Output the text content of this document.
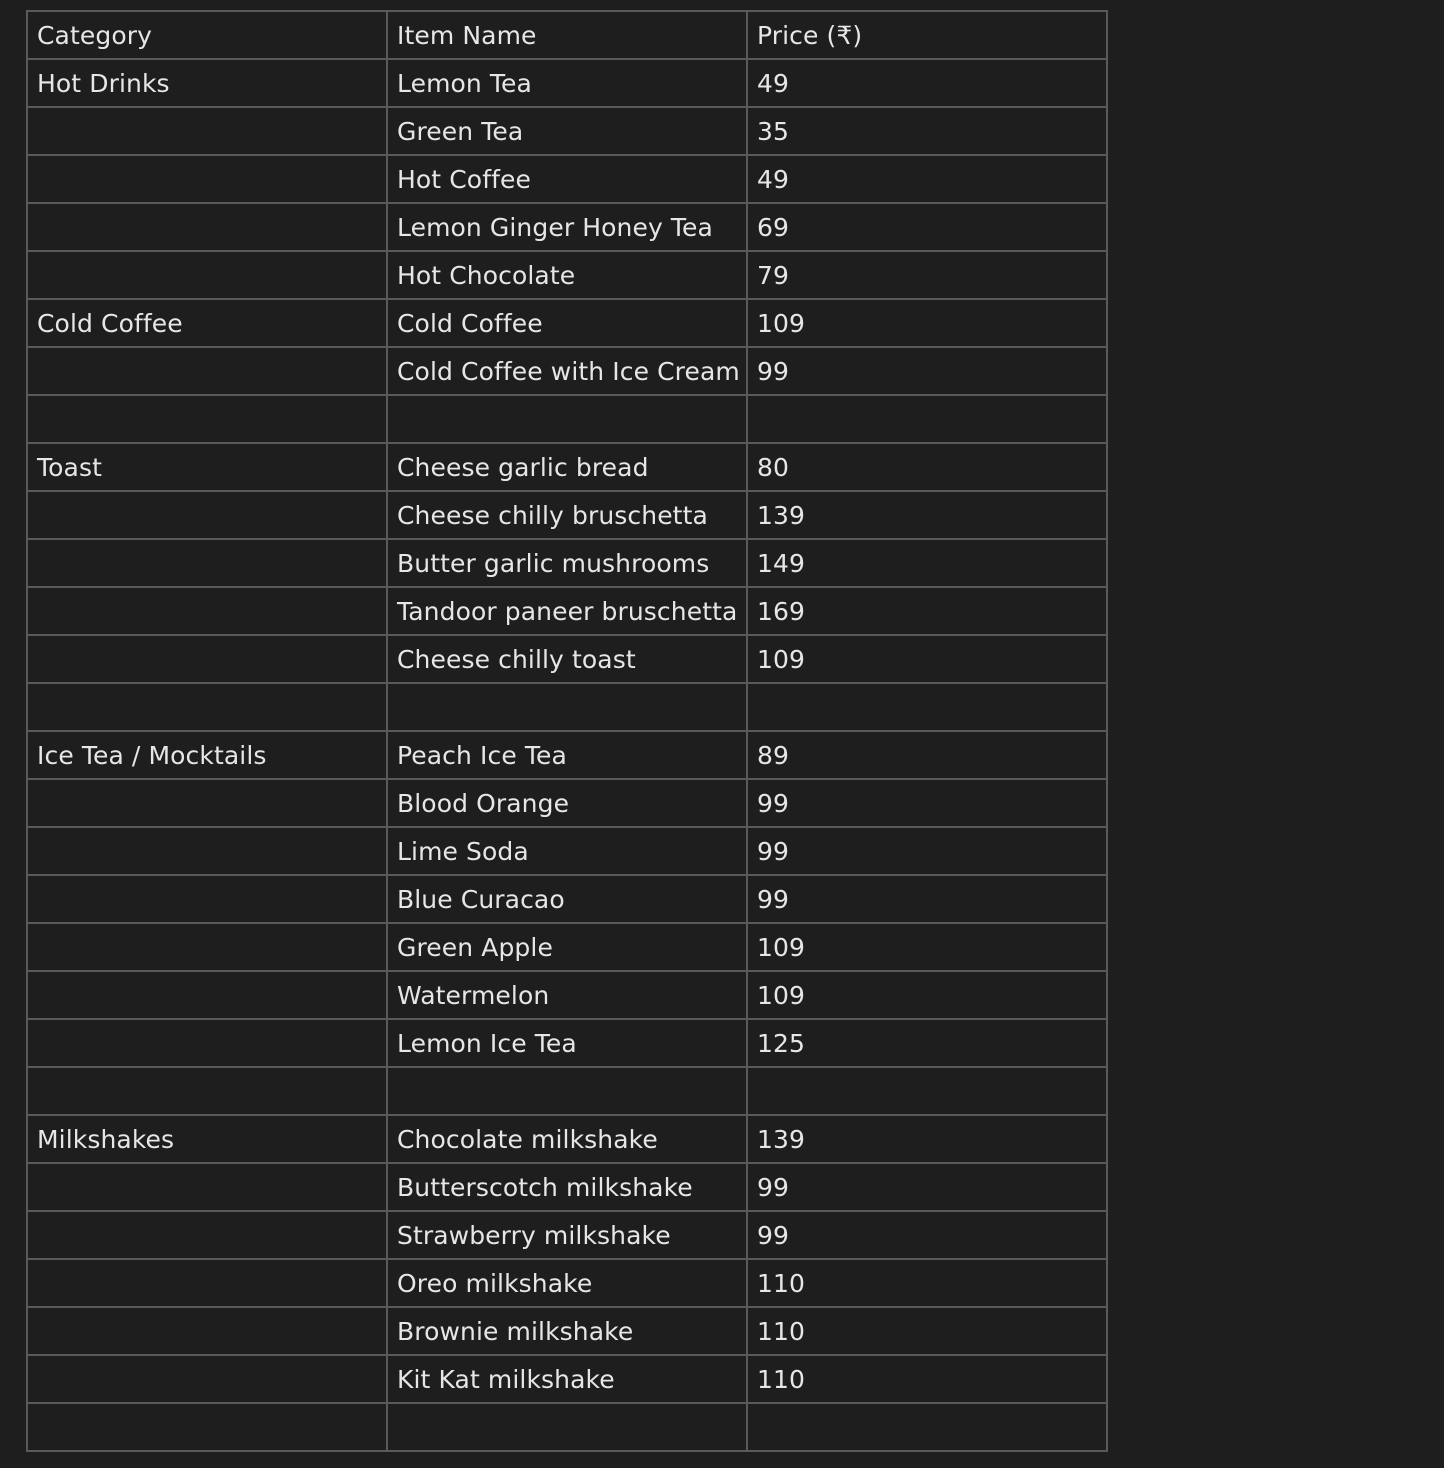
Category	Item Name	Price (₹)
Hot Drinks	Lemon Tea	49
	Green Tea	35
	Hot Coffee	49
	Lemon Ginger Honey Tea	69
	Hot Chocolate	79
Cold Coffee	Cold Coffee	109
	Cold Coffee with Ice Cream	99

Toast	Cheese garlic bread	80
	Cheese chilly bruschetta	139
	Butter garlic mushrooms	149
	Tandoor paneer bruschetta	169
	Cheese chilly toast	109

Ice Tea / Mocktails	Peach Ice Tea	89
	Blood Orange	99
	Lime Soda	99
	Blue Curacao	99
	Green Apple	109
	Watermelon	109
	Lemon Ice Tea	125

Milkshakes	Chocolate milkshake	139
	Butterscotch milkshake	99
	Strawberry milkshake	99
	Oreo milkshake	110
	Brownie milkshake	110
	Kit Kat milkshake	110
